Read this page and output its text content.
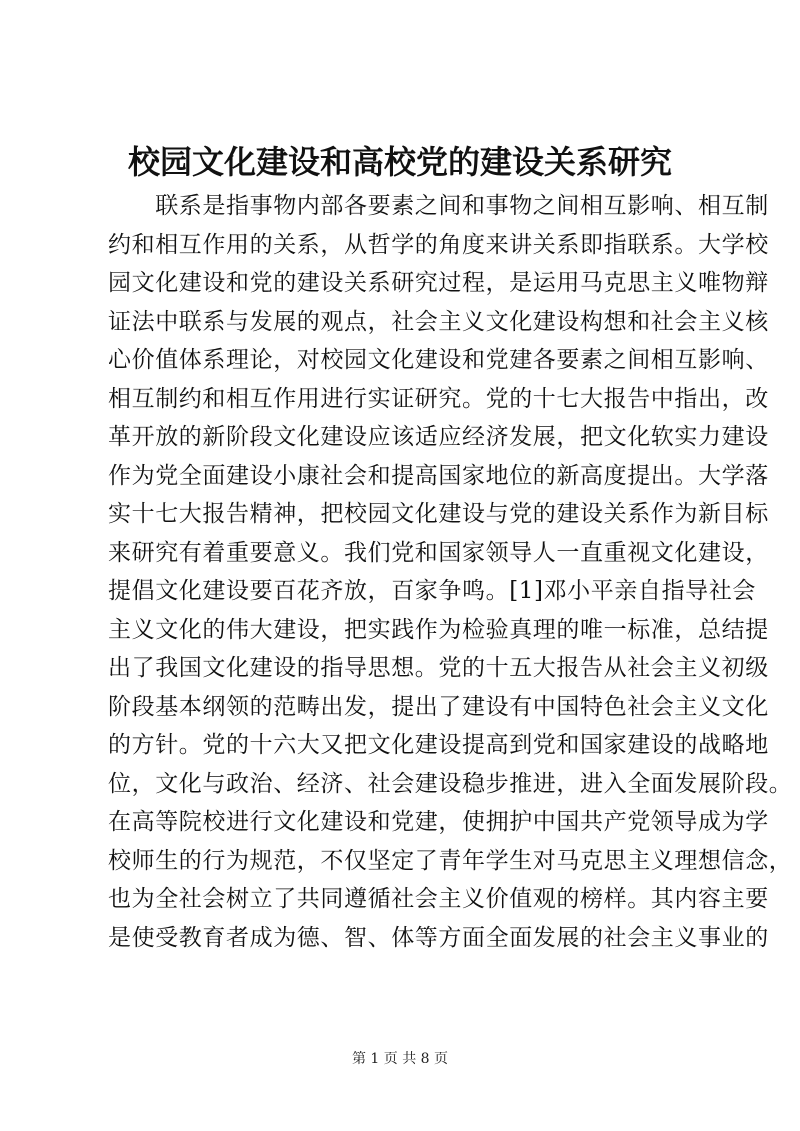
校园文化建设和高校党的建设关系研究
　　联系是指事物内部各要素之间和事物之间相互影响、相互制
约和相互作用的关系，从哲学的角度来讲关系即指联系。大学校
园文化建设和党的建设关系研究过程，是运用马克思主义唯物辩
证法中联系与发展的观点，社会主义文化建设构想和社会主义核
心价值体系理论，对校园文化建设和党建各要素之间相互影响、
相互制约和相互作用进行实证研究。党的十七大报告中指出，改
革开放的新阶段文化建设应该适应经济发展，把文化软实力建设
作为党全面建设小康社会和提高国家地位的新高度提出。大学落
实十七大报告精神，把校园文化建设与党的建设关系作为新目标
来研究有着重要意义。我们党和国家领导人一直重视文化建设，
提倡文化建设要百花齐放，百家争鸣。[1]邓小平亲自指导社会
主义文化的伟大建设，把实践作为检验真理的唯一标准，总结提
出了我国文化建设的指导思想。党的十五大报告从社会主义初级
阶段基本纲领的范畴出发，提出了建设有中国特色社会主义文化
的方针。党的十六大又把文化建设提高到党和国家建设的战略地
位，文化与政治、经济、社会建设稳步推进，进入全面发展阶段。
在高等院校进行文化建设和党建，使拥护中国共产党领导成为学
校师生的行为规范，不仅坚定了青年学生对马克思主义理想信念，
也为全社会树立了共同遵循社会主义价值观的榜样。其内容主要
是使受教育者成为德、智、体等方面全面发展的社会主义事业的
第 1 页 共 8 页
